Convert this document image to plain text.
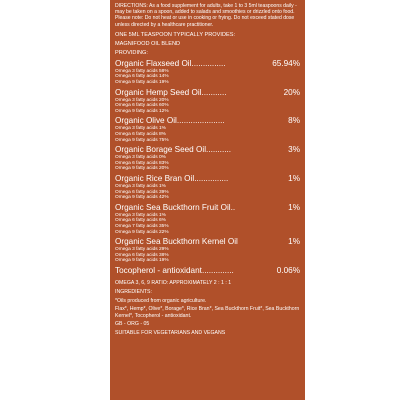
DIRECTIONS: As a food supplement for adults, take 1 to 3 5ml teaspoons daily - may be taken on a spoon, added to salads and smoothies or drizzled onto food. Please note: Do not heat or use in cooking or frying. Do not exceed stated dose unless directed by a healthcare practitioner.
ONE 5ML TEASPOON TYPICALLY PROVIDES:
MAGNIFOOD OIL BLEND
PROVIDING:
Organic Flaxseed Oil ...............	65.94%
Omega 3 fatty acids 58%
Omega 6 fatty acids 14%
Omega 9 fatty acids 19%
Organic Hemp Seed Oil ...........	20%
Omega 3 fatty acids 20%
Omega 6 fatty acids 60%
Omega 9 fatty acids 12%
Organic Olive Oil .....................	8%
Omega 3 fatty acids 1%
Omega 6 fatty acids 8%
Omega 9 fatty acids 75%
Organic Borage Seed Oil ...........	3%
Omega 3 fatty acids 0%
Omega 6 fatty acids 83%
Omega 9 fatty acids 20%
Organic Rice Bran Oil ...............	1%
Omega 3 fatty acids 1%
Omega 6 fatty acids 39%
Omega 9 fatty acids 42%
Organic Sea Buckthorn Fruit Oil ..	1%
Omega 3 fatty acids 1%
Omega 6 fatty acids 6%
Omega 7 fatty acids 35%
Omega 9 fatty acids 22%
Organic Sea Buckthorn Kernel Oil	1%
Omega 3 fatty acids 29%
Omega 6 fatty acids 38%
Omega 9 fatty acids 19%
Tocopherol - antioxidant ..............	0.06%
OMEGA 3, 6, 9 RATIO: APPROXIMATELY 2 : 1 : 1
INGREDIENTS:
*Oils produced from organic agriculture.
Flax*, Hemp*, Olive*, Borage*, Rice Bran*, Sea Buckthorn Fruit*, Sea Buckthorn Kernel*, Tocopherol - antioxidant.
GB - ORG - 05
SUITABLE FOR VEGETARIANS AND VEGANS
